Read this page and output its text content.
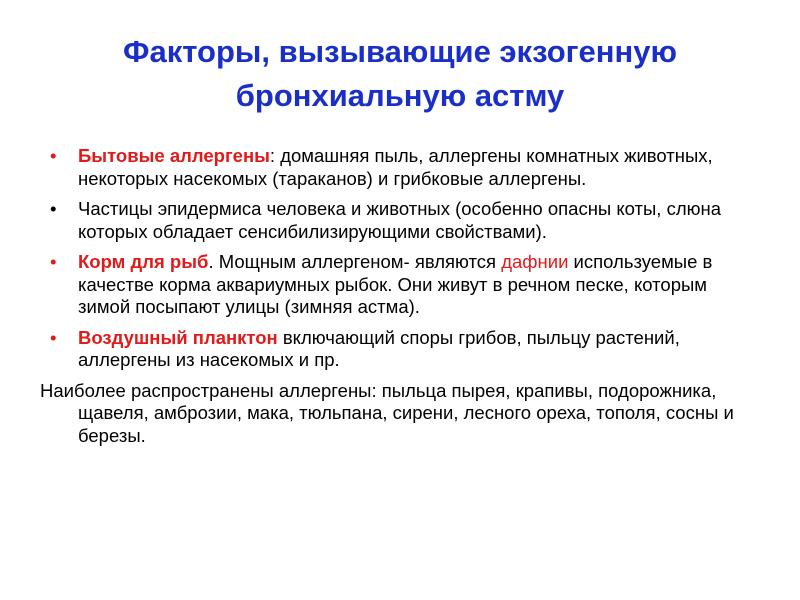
Факторы, вызывающие экзогенную бронхиальную астму
• Бытовые аллергены: домашняя пыль, аллергены комнатных животных, некоторых насекомых (тараканов) и грибковые аллергены.
• Частицы эпидермиса человека и животных (особенно опасны коты, слюна которых обладает сенсибилизирующими свойствами).
• Корм для рыб. Мощным аллергеном- являются дафнии используемые в качестве корма аквариумных рыбок. Они живут в речном песке, которым зимой посыпают улицы (зимняя астма).
• Воздушный планктон включающий споры грибов, пыльцу растений, аллергены из насекомых и пр.
Наиболее распространены аллергены: пыльца пырея, крапивы, подорожника, щавеля, амброзии, мака, тюльпана, сирени, лесного ореха, тополя, сосны и березы.
